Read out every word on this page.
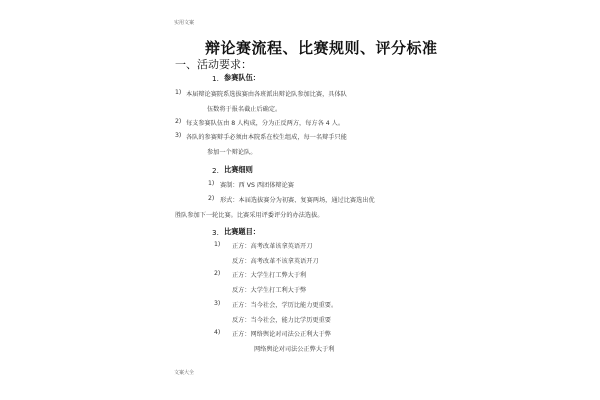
实用文案
辩论赛流程、比赛规则、评分标准
一、活动要求：
1. 参赛队伍：
1) 本届辩论赛院系选拔赛由各班派出辩论队参加比赛，具体队
伍数将于报名截止后确定。
2) 每支参赛队伍由 8 人构成，分为正反两方，每方各 4 人。
3) 各队的参赛辩手必须由本院系在校生组成，每一名辩手只能
参加一个辩论队。
2. 比赛细则
1) 赛制：西 VS 西团体辩论赛
2) 形式：本届选拔赛分为初赛、复赛两场，通过比赛选出优
胜队参加下一轮比赛。比赛采用评委评分的办法选拔。
3. 比赛题目：
1) 正方：高考改革该拿英语开刀
反方：高考改革不该拿英语开刀
2) 正方：大学生打工弊大于利
反方：大学生打工利大于弊
3) 正方：当今社会，学历比能力更重要。
反方：当今社会，能力比学历更重要
4) 正方：网络舆论对司法公正利大于弊
网络舆论对司法公正弊大于利
文案大全
